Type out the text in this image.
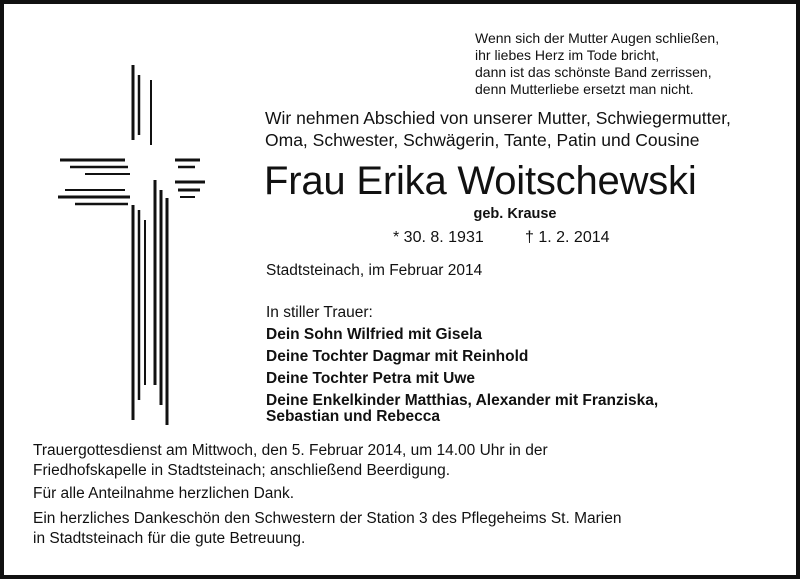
Wenn sich der Mutter Augen schließen,
ihr liebes Herz im Tode bricht,
dann ist das schönste Band zerrissen,
denn Mutterliebe ersetzt man nicht.
Wir nehmen Abschied von unserer Mutter, Schwiegermutter,
Oma, Schwester, Schwägerin, Tante, Patin und Cousine
Frau Erika Woitschewski
geb. Krause
* 30. 8. 1931	† 1. 2. 2014
Stadtsteinach, im Februar 2014
In stiller Trauer:
Dein Sohn Wilfried mit Gisela
Deine Tochter Dagmar mit Reinhold
Deine Tochter Petra mit Uwe
Deine Enkelkinder Matthias, Alexander mit Franziska,
Sebastian und Rebecca
Trauergottesdienst am Mittwoch, den 5. Februar 2014, um 14.00 Uhr in der
Friedhofskapelle in Stadtsteinach; anschließend Beerdigung.
Für alle Anteilnahme herzlichen Dank.
Ein herzliches Dankeschön den Schwestern der Station 3 des Pflegeheims St. Marien
in Stadtsteinach für die gute Betreuung.
